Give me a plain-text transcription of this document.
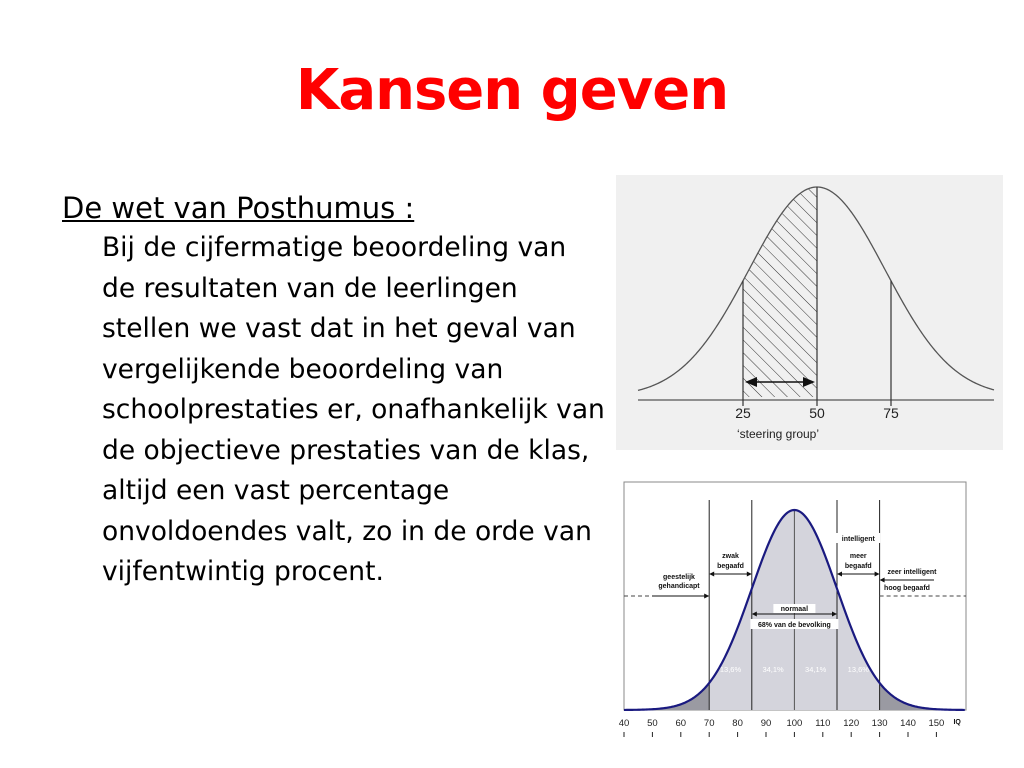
Kansen geven
De wet van Posthumus :
Bij de cijfermatige beoordeling van de resultaten van de leerlingen stellen we vast dat in het geval van vergelijkende beoordeling van schoolprestaties er, onafhankelijk van de objectieve prestaties van de klas, altijd een vast percentage onvoldoendes valt, zo in de orde van vijfentwintig procent.
25	50	75
‘steering group’
2,3%	13,6%	34,1%	34,1%	13,6%	2,3%
geestelijk
gehandicapt
zwak
begaafd
normaal
68% van de bevolking
intelligent
meer
begaafd
zeer intelligent
hoog begaafd
40 50 60 70 80 90 100 110 120 130 140 150 IQ
